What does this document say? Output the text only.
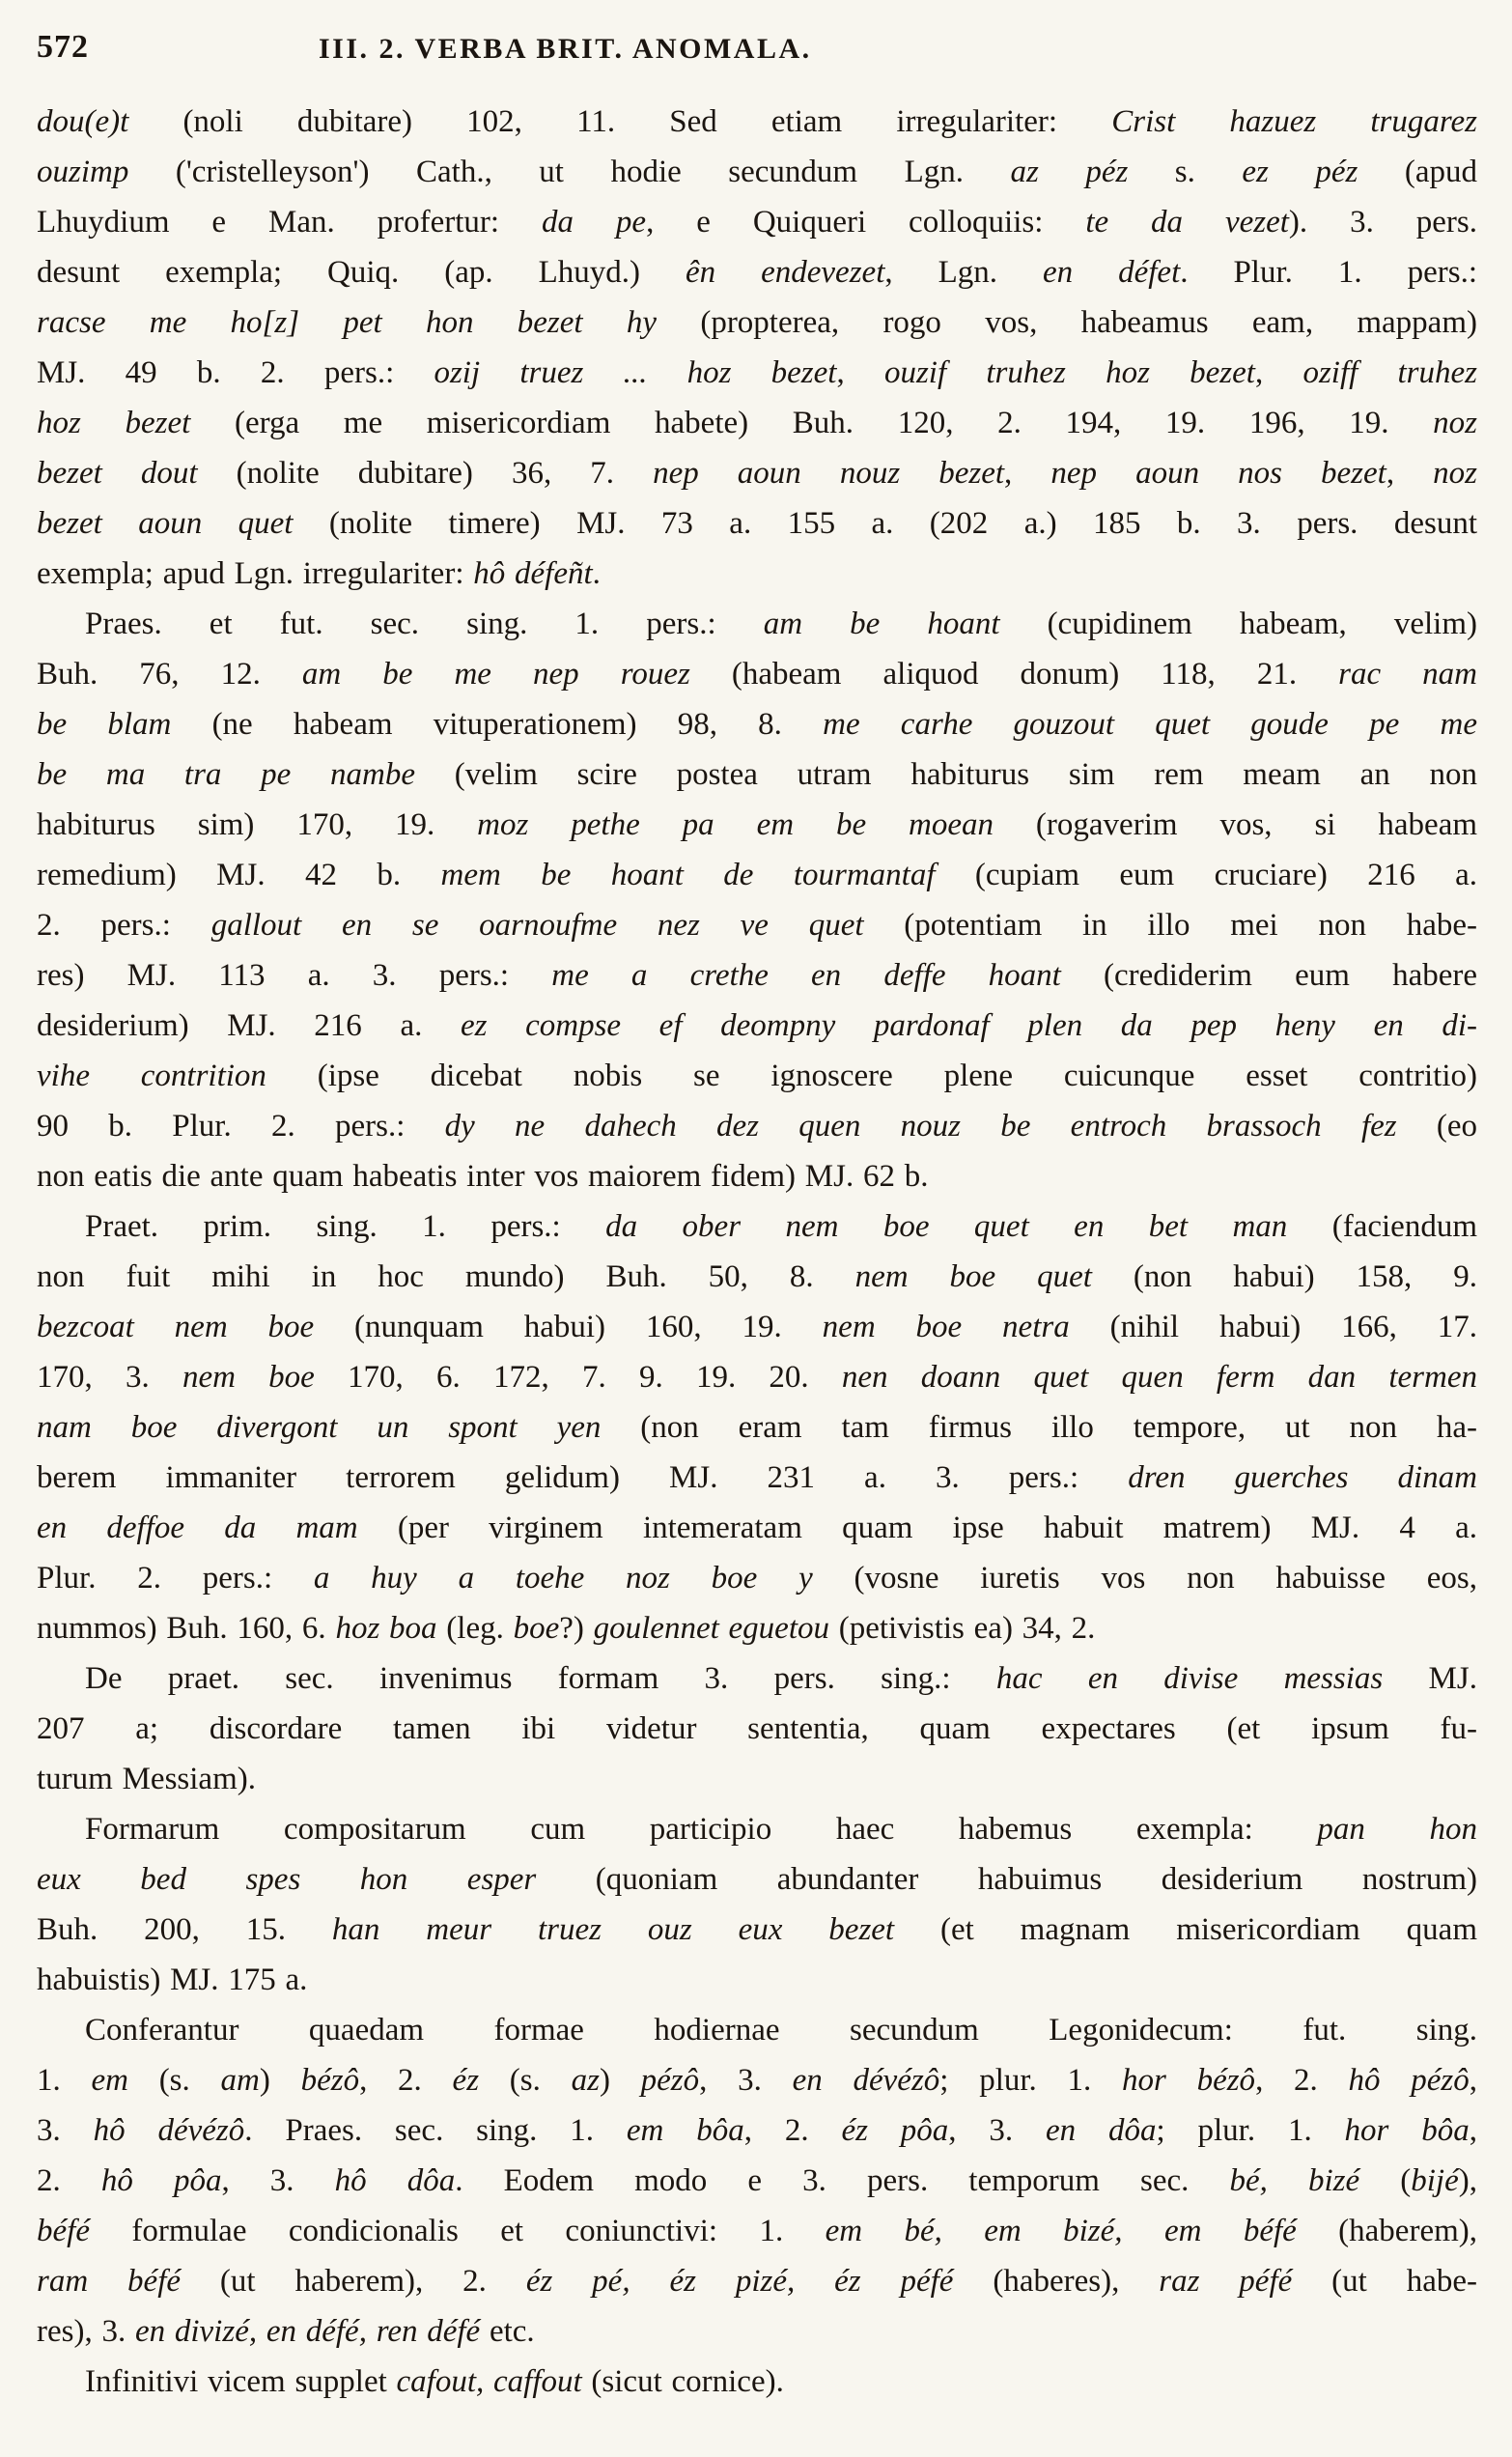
572	III. 2. VERBA BRIT. ANOMALA.
dou(e)t (noli dubitare) 102, 11. Sed etiam irregulariter: Crist hazuez trugarez
ouzimp ('cristelleyson') Cath., ut hodie secundum Lgn. az péz s. ez péz (apud
Lhuydium e Man. profertur: da pe, e Quiqueri colloquiis: te da vezet). 3. pers.
desunt exempla; Quiq. (ap. Lhuyd.) ên endevezet, Lgn. en défet. Plur. 1. pers.:
racse me ho[z] pet hon bezet hy (propterea, rogo vos, habeamus eam, mappam)
MJ. 49 b. 2. pers.: ozij truez ... hoz bezet, ouzif truhez hoz bezet, oziff truhez
hoz bezet (erga me misericordiam habete) Buh. 120, 2. 194, 19. 196, 19. noz
bezet dout (nolite dubitare) 36, 7. nep aoun nouz bezet, nep aoun nos bezet, noz
bezet aoun quet (nolite timere) MJ. 73 a. 155 a. (202 a.) 185 b. 3. pers. desunt
exempla; apud Lgn. irregulariter: hô défeñt.
Praes. et fut. sec. sing. 1. pers.: am be hoant (cupidinem habeam, velim)
Buh. 76, 12. am be me nep rouez (habeam aliquod donum) 118, 21. rac nam
be blam (ne habeam vituperationem) 98, 8. me carhe gouzout quet goude pe me
be ma tra pe nambe (velim scire postea utram habiturus sim rem meam an non
habiturus sim) 170, 19. moz pethe pa em be moean (rogaverim vos, si habeam
remedium) MJ. 42 b. mem be hoant de tourmantaf (cupiam eum cruciare) 216 a.
2. pers.: gallout en se oarnoufme nez ve quet (potentiam in illo mei non habe-
res) MJ. 113 a. 3. pers.: me a crethe en deffe hoant (crediderim eum habere
desiderium) MJ. 216 a. ez compse ef deompny pardonaf plen da pep heny en di-
vihe contrition (ipse dicebat nobis se ignoscere plene cuicunque esset contritio)
90 b. Plur. 2. pers.: dy ne dahech dez quen nouz be entroch brassoch fez (eo
non eatis die ante quam habeatis inter vos maiorem fidem) MJ. 62 b.
Praet. prim. sing. 1. pers.: da ober nem boe quet en bet man (faciendum
non fuit mihi in hoc mundo) Buh. 50, 8. nem boe quet (non habui) 158, 9.
bezcoat nem boe (nunquam habui) 160, 19. nem boe netra (nihil habui) 166, 17.
170, 3. nem boe 170, 6. 172, 7. 9. 19. 20. nen doann quet quen ferm dan termen
nam boe divergont un spont yen (non eram tam firmus illo tempore, ut non ha-
berem immaniter terrorem gelidum) MJ. 231 a. 3. pers.: dren guerches dinam
en deffoe da mam (per virginem intemeratam quam ipse habuit matrem) MJ. 4 a.
Plur. 2. pers.: a huy a toehe noz boe y (vosne iuretis vos non habuisse eos,
nummos) Buh. 160, 6. hoz boa (leg. boe?) goulennet eguetou (petivistis ea) 34, 2.
De praet. sec. invenimus formam 3. pers. sing.: hac en divise messias MJ.
207 a; discordare tamen ibi videtur sententia, quam expectares (et ipsum fu-
turum Messiam).
Formarum compositarum cum participio haec habemus exempla: pan hon
eux bed spes hon esper (quoniam abundanter habuimus desiderium nostrum)
Buh. 200, 15. han meur truez ouz eux bezet (et magnam misericordiam quam
habuistis) MJ. 175 a.
Conferantur quaedam formae hodiernae secundum Legonidecum: fut. sing.
1. em (s. am) bézô, 2. éz (s. az) pézô, 3. en dévézô; plur. 1. hor bézô, 2. hô pézô,
3. hô dévézô. Praes. sec. sing. 1. em bôa, 2. éz pôa, 3. en dôa; plur. 1. hor bôa,
2. hô pôa, 3. hô dôa. Eodem modo e 3. pers. temporum sec. bé, bizé (bijé),
béfé formulae condicionalis et coniunctivi: 1. em bé, em bizé, em béfé (haberem),
ram béfé (ut haberem), 2. éz pé, éz pizé, éz péfé (haberes), raz péfé (ut habe-
res), 3. en divizé, en défé, ren défé etc.
Infinitivi vicem supplet cafout, caffout (sicut cornice).
